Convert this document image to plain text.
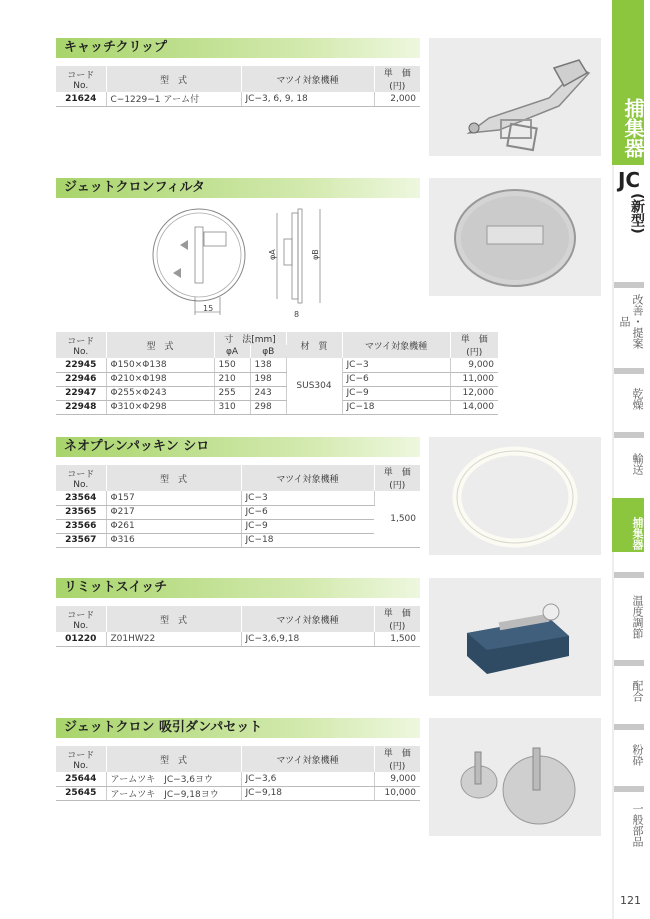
キャッチクリップ
コードNo.	型　式	マツイ対象機種	単　価(円)
21624	C−1229−1 アーム付	JC−3, 6, 9, 18	2,000
ジェットクロンフィルタ
15
φA	φB
8
コードNo.	型　式	寸　法[mm]		材　質	マツイ対象機種	単　価(円)
		φA	φB			
22945	Φ150×Φ138	150	138	SUS304	JC−3	9,000
22946	Φ210×Φ198	210	198		JC−6	11,000
22947	Φ255×Φ243	255	243		JC−9	12,000
22948	Φ310×Φ298	310	298		JC−18	14,000
ネオプレンパッキン シロ
コードNo.	型　式	マツイ対象機種	単　価(円)
23564	Φ157	JC−3	1,500
23565	Φ217	JC−6	
23566	Φ261	JC−9	
23567	Φ316	JC−18	
リミットスイッチ
コードNo.	型　式	マツイ対象機種	単　価(円)
01220	Z01HW22	JC−3,6,9,18	1,500
ジェットクロン 吸引ダンパセット
コードNo.	型　式	マツイ対象機種	単　価(円)
25644	アームツキ　JC−3,6ヨウ	JC−3,6	9,000
25645	アームツキ　JC−9,18ヨウ	JC−9,18	10,000
捕集器
JC
(新型)
改善・提案品
乾燥
輸送
捕集器
温度調節
配合
粉砕
一般部品
121
